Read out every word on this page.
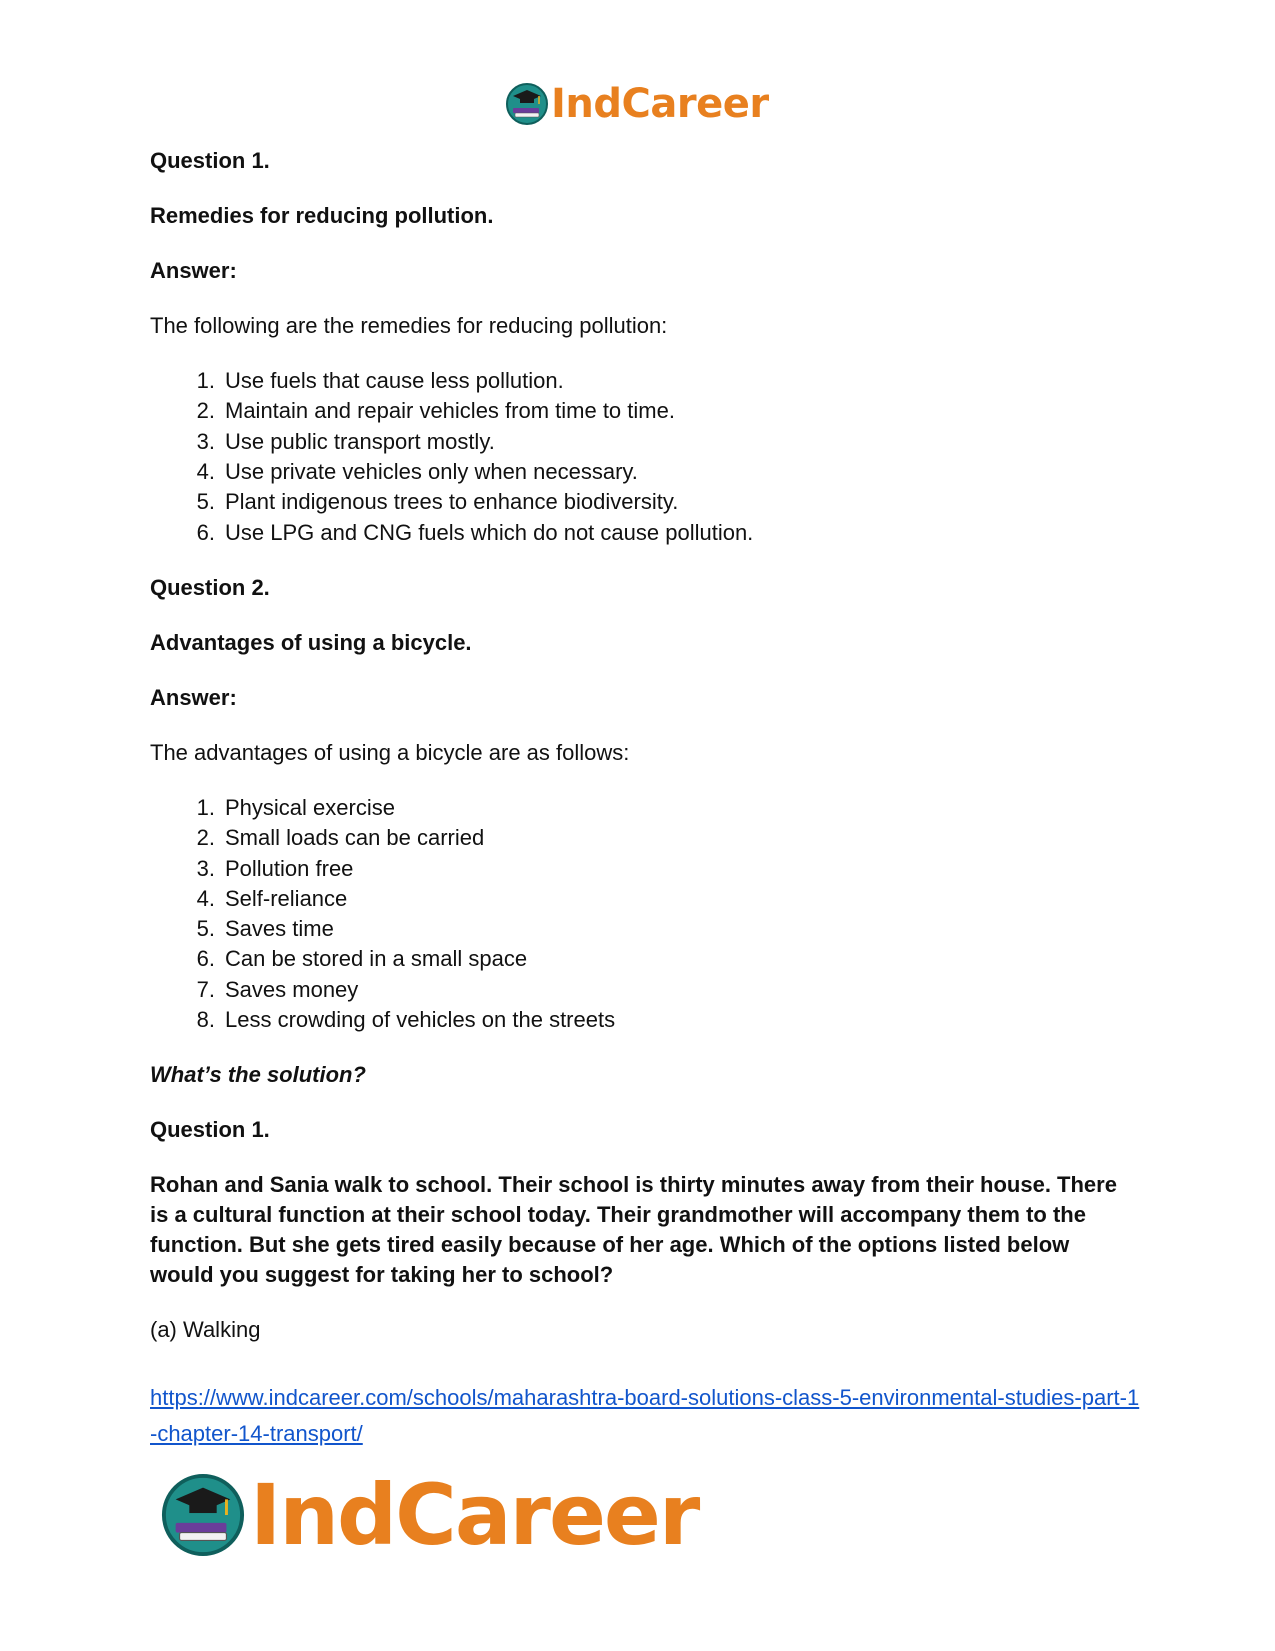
IndCareer

Question 1.

Remedies for reducing pollution.

Answer:

The following are the remedies for reducing pollution:

1. Use fuels that cause less pollution.
2. Maintain and repair vehicles from time to time.
3. Use public transport mostly.
4. Use private vehicles only when necessary.
5. Plant indigenous trees to enhance biodiversity.
6. Use LPG and CNG fuels which do not cause pollution.

Question 2.

Advantages of using a bicycle.

Answer:

The advantages of using a bicycle are as follows:

1. Physical exercise
2. Small loads can be carried
3. Pollution free
4. Self-reliance
5. Saves time
6. Can be stored in a small space
7. Saves money
8. Less crowding of vehicles on the streets

What’s the solution?

Question 1.

Rohan and Sania walk to school. Their school is thirty minutes away from their house. There is a cultural function at their school today. Their grandmother will accompany them to the function. But she gets tired easily because of her age. Which of the options listed below would you suggest for taking her to school?

(a) Walking

https://www.indcareer.com/schools/maharashtra-board-solutions-class-5-environmental-studies-part-1-chapter-14-transport/
IndCareer
